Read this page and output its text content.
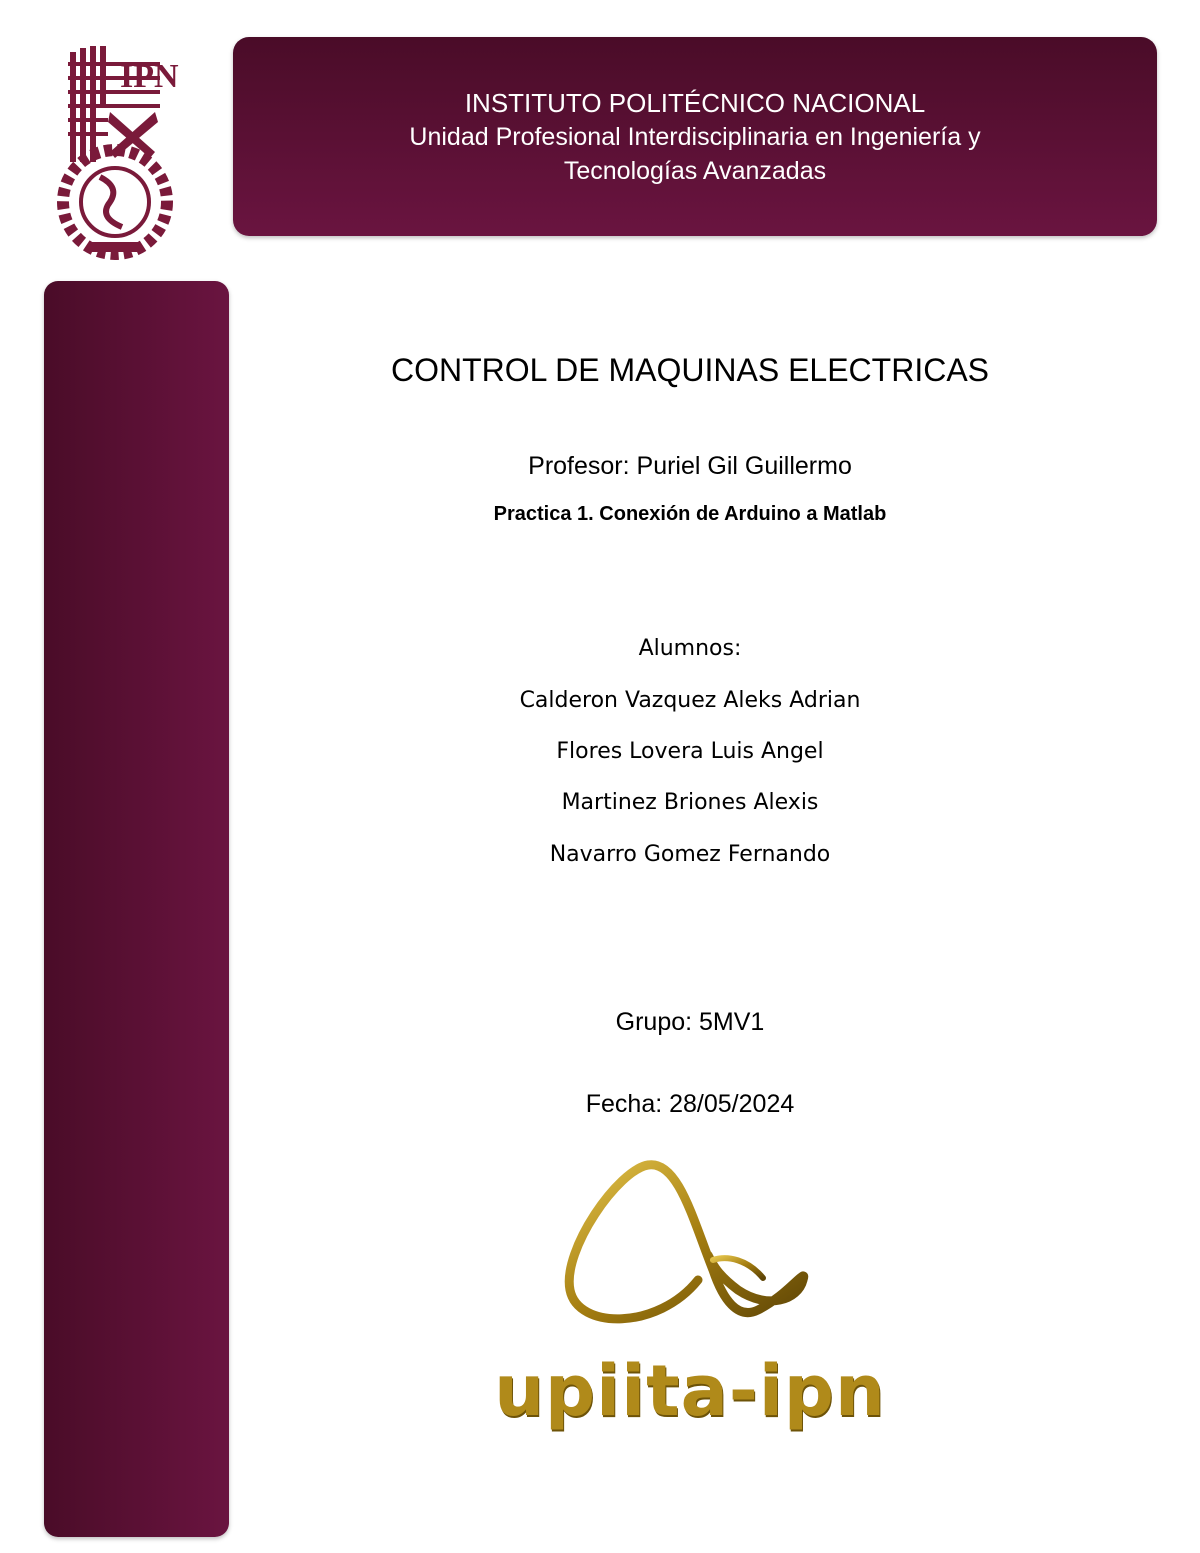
IPN
INSTITUTO POLITÉCNICO NACIONAL
Unidad Profesional Interdisciplinaria en Ingeniería y Tecnologías Avanzadas
CONTROL DE MAQUINAS ELECTRICAS
Profesor: Puriel Gil Guillermo
Practica 1. Conexión de Arduino a Matlab
Alumnos:
Calderon Vazquez Aleks Adrian
Flores Lovera Luis Angel
Martinez Briones Alexis
Navarro Gomez Fernando
Grupo: 5MV1
Fecha: 28/05/2024
upiita-ipn
